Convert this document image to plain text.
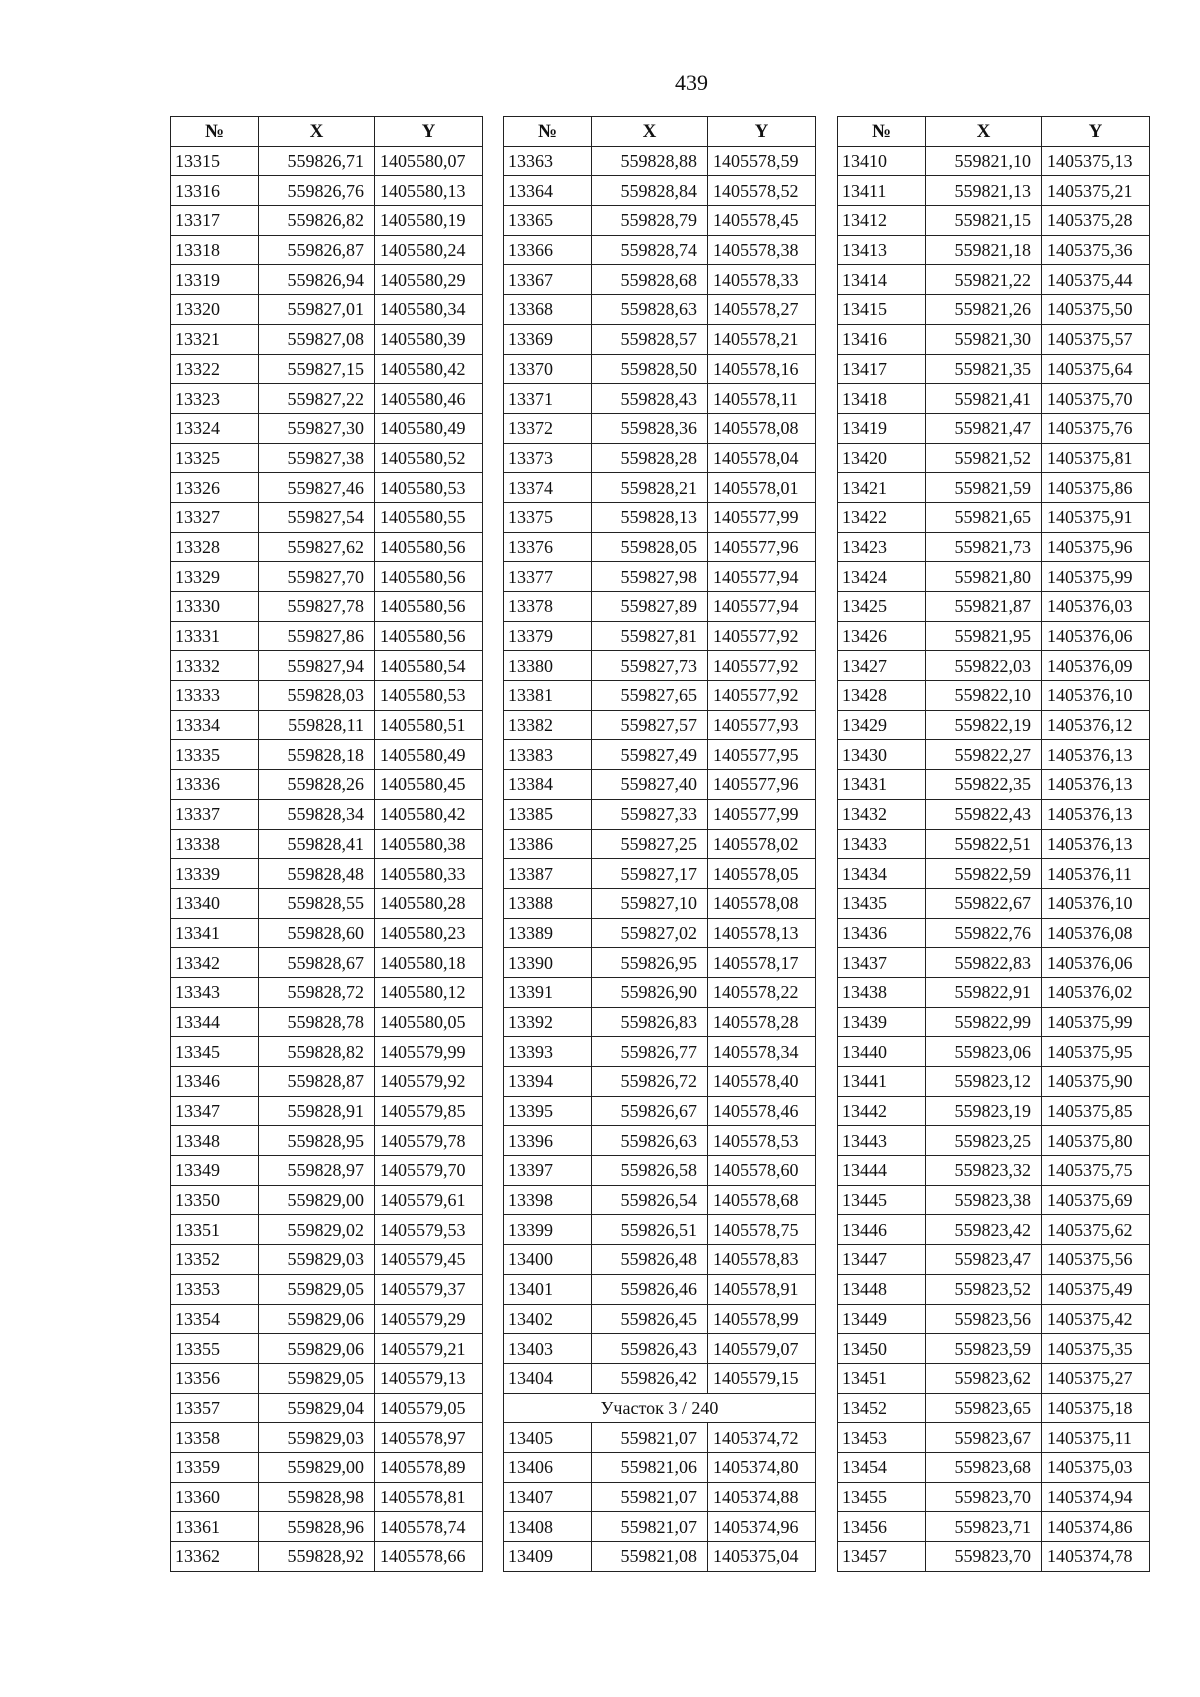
439
№	X	Y
13315	559826,71	1405580,07
13316	559826,76	1405580,13
13317	559826,82	1405580,19
13318	559826,87	1405580,24
13319	559826,94	1405580,29
13320	559827,01	1405580,34
13321	559827,08	1405580,39
13322	559827,15	1405580,42
13323	559827,22	1405580,46
13324	559827,30	1405580,49
13325	559827,38	1405580,52
13326	559827,46	1405580,53
13327	559827,54	1405580,55
13328	559827,62	1405580,56
13329	559827,70	1405580,56
13330	559827,78	1405580,56
13331	559827,86	1405580,56
13332	559827,94	1405580,54
13333	559828,03	1405580,53
13334	559828,11	1405580,51
13335	559828,18	1405580,49
13336	559828,26	1405580,45
13337	559828,34	1405580,42
13338	559828,41	1405580,38
13339	559828,48	1405580,33
13340	559828,55	1405580,28
13341	559828,60	1405580,23
13342	559828,67	1405580,18
13343	559828,72	1405580,12
13344	559828,78	1405580,05
13345	559828,82	1405579,99
13346	559828,87	1405579,92
13347	559828,91	1405579,85
13348	559828,95	1405579,78
13349	559828,97	1405579,70
13350	559829,00	1405579,61
13351	559829,02	1405579,53
13352	559829,03	1405579,45
13353	559829,05	1405579,37
13354	559829,06	1405579,29
13355	559829,06	1405579,21
13356	559829,05	1405579,13
13357	559829,04	1405579,05
13358	559829,03	1405578,97
13359	559829,00	1405578,89
13360	559828,98	1405578,81
13361	559828,96	1405578,74
13362	559828,92	1405578,66
№	X	Y
13363	559828,88	1405578,59
13364	559828,84	1405578,52
13365	559828,79	1405578,45
13366	559828,74	1405578,38
13367	559828,68	1405578,33
13368	559828,63	1405578,27
13369	559828,57	1405578,21
13370	559828,50	1405578,16
13371	559828,43	1405578,11
13372	559828,36	1405578,08
13373	559828,28	1405578,04
13374	559828,21	1405578,01
13375	559828,13	1405577,99
13376	559828,05	1405577,96
13377	559827,98	1405577,94
13378	559827,89	1405577,94
13379	559827,81	1405577,92
13380	559827,73	1405577,92
13381	559827,65	1405577,92
13382	559827,57	1405577,93
13383	559827,49	1405577,95
13384	559827,40	1405577,96
13385	559827,33	1405577,99
13386	559827,25	1405578,02
13387	559827,17	1405578,05
13388	559827,10	1405578,08
13389	559827,02	1405578,13
13390	559826,95	1405578,17
13391	559826,90	1405578,22
13392	559826,83	1405578,28
13393	559826,77	1405578,34
13394	559826,72	1405578,40
13395	559826,67	1405578,46
13396	559826,63	1405578,53
13397	559826,58	1405578,60
13398	559826,54	1405578,68
13399	559826,51	1405578,75
13400	559826,48	1405578,83
13401	559826,46	1405578,91
13402	559826,45	1405578,99
13403	559826,43	1405579,07
13404	559826,42	1405579,15
Участок 3 / 240		
13405	559821,07	1405374,72
13406	559821,06	1405374,80
13407	559821,07	1405374,88
13408	559821,07	1405374,96
13409	559821,08	1405375,04
№	X	Y
13410	559821,10	1405375,13
13411	559821,13	1405375,21
13412	559821,15	1405375,28
13413	559821,18	1405375,36
13414	559821,22	1405375,44
13415	559821,26	1405375,50
13416	559821,30	1405375,57
13417	559821,35	1405375,64
13418	559821,41	1405375,70
13419	559821,47	1405375,76
13420	559821,52	1405375,81
13421	559821,59	1405375,86
13422	559821,65	1405375,91
13423	559821,73	1405375,96
13424	559821,80	1405375,99
13425	559821,87	1405376,03
13426	559821,95	1405376,06
13427	559822,03	1405376,09
13428	559822,10	1405376,10
13429	559822,19	1405376,12
13430	559822,27	1405376,13
13431	559822,35	1405376,13
13432	559822,43	1405376,13
13433	559822,51	1405376,13
13434	559822,59	1405376,11
13435	559822,67	1405376,10
13436	559822,76	1405376,08
13437	559822,83	1405376,06
13438	559822,91	1405376,02
13439	559822,99	1405375,99
13440	559823,06	1405375,95
13441	559823,12	1405375,90
13442	559823,19	1405375,85
13443	559823,25	1405375,80
13444	559823,32	1405375,75
13445	559823,38	1405375,69
13446	559823,42	1405375,62
13447	559823,47	1405375,56
13448	559823,52	1405375,49
13449	559823,56	1405375,42
13450	559823,59	1405375,35
13451	559823,62	1405375,27
13452	559823,65	1405375,18
13453	559823,67	1405375,11
13454	559823,68	1405375,03
13455	559823,70	1405374,94
13456	559823,71	1405374,86
13457	559823,70	1405374,78
